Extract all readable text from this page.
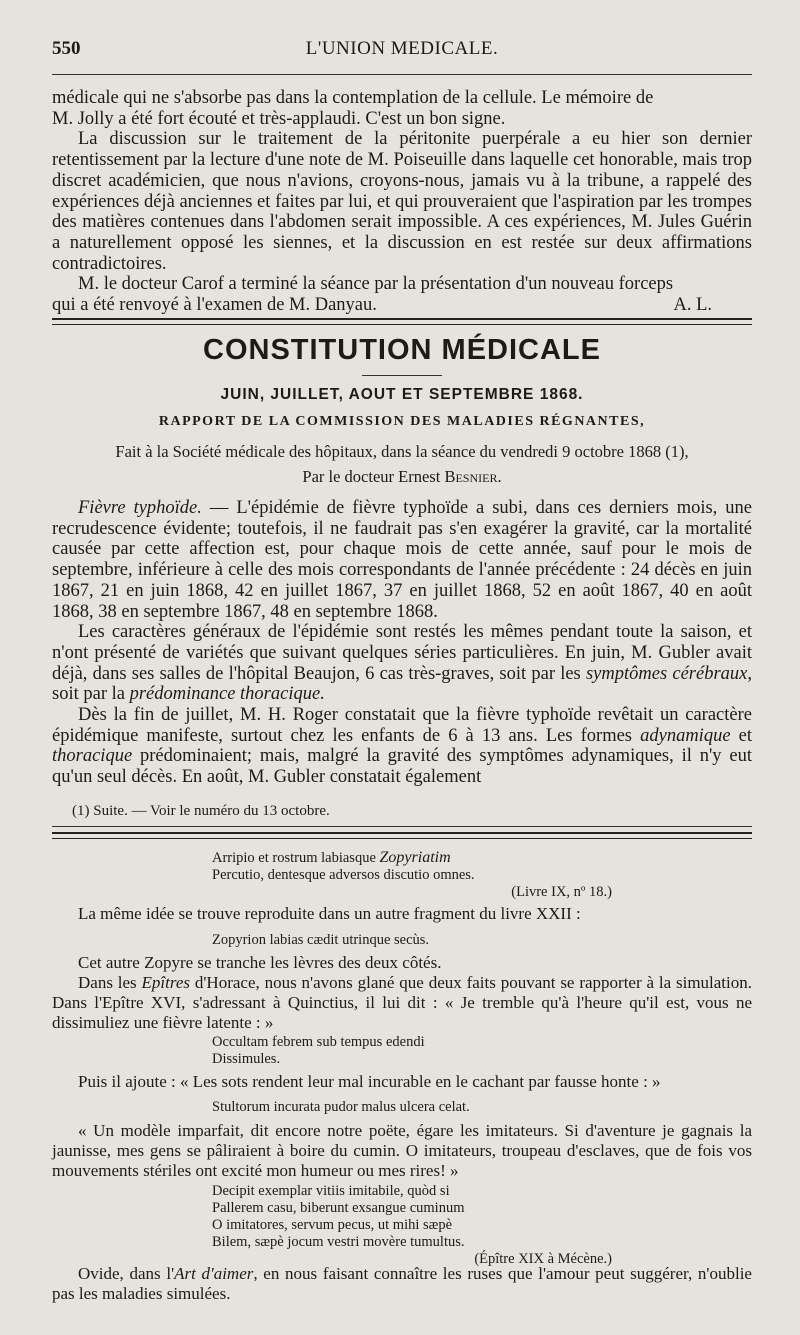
550	L'UNION MEDICALE.

médicale qui ne s'absorbe pas dans la contemplation de la cellule. Le mémoire de

M. Jolly a été fort écouté et très-applaudi. C'est un bon signe.

La discussion sur le traitement de la péritonite puerpérale a eu hier son dernier retentissement par la lecture d'une note de M. Poiseuille dans laquelle cet honorable, mais trop discret académicien, que nous n'avions, croyons-nous, jamais vu à la tribune, a rappelé des expériences déjà anciennes et faites par lui, et qui prouveraient que l'aspiration par les trompes des matières contenues dans l'abdomen serait impossible. A ces expériences, M. Jules Guérin a naturellement opposé les siennes, et la discussion en est restée sur deux affirmations contradictoires.

M. le docteur Carof a terminé la séance par la présentation d'un nouveau forceps

qui a été renvoyé à l'examen de M. Danyau.	A. L.
CONSTITUTION MÉDICALE
JUIN, JUILLET, AOUT ET SEPTEMBRE 1868.
RAPPORT DE LA COMMISSION DES MALADIES RÉGNANTES,
Fait à la Société médicale des hôpitaux, dans la séance du vendredi 9 octobre 1868 (1),
Par le docteur Ernest Besnier.

Fièvre typhoïde. — L'épidémie de fièvre typhoïde a subi, dans ces derniers mois, une recrudescence évidente; toutefois, il ne faudrait pas s'en exagérer la gravité, car la mortalité causée par cette affection est, pour chaque mois de cette année, sauf pour le mois de septembre, inférieure à celle des mois correspondants de l'année précédente : 24 décès en juin 1867, 21 en juin 1868, 42 en juillet 1867, 37 en juillet 1868, 52 en août 1867, 40 en août 1868, 38 en septembre 1867, 48 en septembre 1868.

Les caractères généraux de l'épidémie sont restés les mêmes pendant toute la saison, et n'ont présenté de variétés que suivant quelques séries particulières. En juin, M. Gubler avait déjà, dans ses salles de l'hôpital Beaujon, 6 cas très-graves, soit par les symptômes cérébraux, soit par la prédominance thoracique.

Dès la fin de juillet, M. H. Roger constatait que la fièvre typhoïde revêtait un caractère épidémique manifeste, surtout chez les enfants de 6 à 13 ans. Les formes adynamique et thoracique prédominaient; mais, malgré la gravité des symptômes adynamiques, il n'y eut qu'un seul décès. En août, M. Gubler constatait également

(1) Suite. — Voir le numéro du 13 octobre.
Arripio et rostrum labiasque Zopyriatim
Percutio, dentesque adversos discutio omnes.
(Livre IX, nº 18.)

La même idée se trouve reproduite dans un autre fragment du livre XXII :

Zopyrion labias cædit utrinque secùs.

Cet autre Zopyre se tranche les lèvres des deux côtés.

Dans les Epîtres d'Horace, nous n'avons glané que deux faits pouvant se rapporter à la simulation. Dans l'Epître XVI, s'adressant à Quinctius, il lui dit : « Je tremble qu'à l'heure qu'il est, vous ne dissimuliez une fièvre latente : »

Occultam febrem sub tempus edendi
Dissimules.

Puis il ajoute : « Les sots rendent leur mal incurable en le cachant par fausse honte : »

Stultorum incurata pudor malus ulcera celat.

« Un modèle imparfait, dit encore notre poëte, égare les imitateurs. Si d'aventure je gagnais la jaunisse, mes gens se pâliraient à boire du cumin. O imitateurs, troupeau d'esclaves, que de fois vos mouvements stériles ont excité mon humeur ou mes rires! »

Decipit exemplar vitiis imitabile, quòd si
Pallerem casu, biberunt exsangue cuminum
O imitatores, servum pecus, ut mihi sæpè
Bilem, sæpè jocum vestri movère tumultus.
(Épître XIX à Mécène.)

Ovide, dans l'Art d'aimer, en nous faisant connaître les ruses que l'amour peut suggérer, n'oublie pas les maladies simulées.
